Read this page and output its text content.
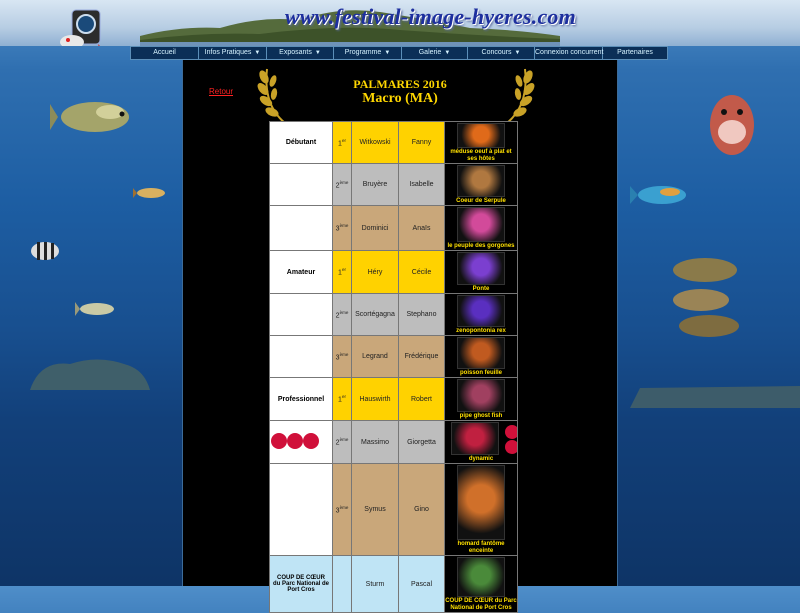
www.festival-image-hyeres.com
Accueil	Infos Pratiques ▼	Exposants ▼	Programme ▼	Galerie ▼	Concours ▼	Connexion concurrent	Partenaires
Retour
PALMARES 2016
Macro (MA)
Débutant	1er	Witkowski	Fanny	méduse oeuf à plat et ses hôtes

	2ème	Bruyère	Isabelle	Coeur de Serpule

	3ème	Dominici	Anaïs	le peuple des gorgones

Amateur	1er	Héry	Cécile	Ponte

	2ème	Scortégagna	Stephano	zenopontonia rex

	3ème	Legrand	Frédérique	poisson feuille

Professionnel	1er	Hauswirth	Robert	pipe ghost fish

	2ème	Massimo	Giorgetta	dynamic

	3ème	Symus	Gino	homard fantôme enceinte

COUP DE CŒUR du Parc National de Port Cros		Sturm	Pascal	COUP DE CŒUR du Parc National de Port Cros
